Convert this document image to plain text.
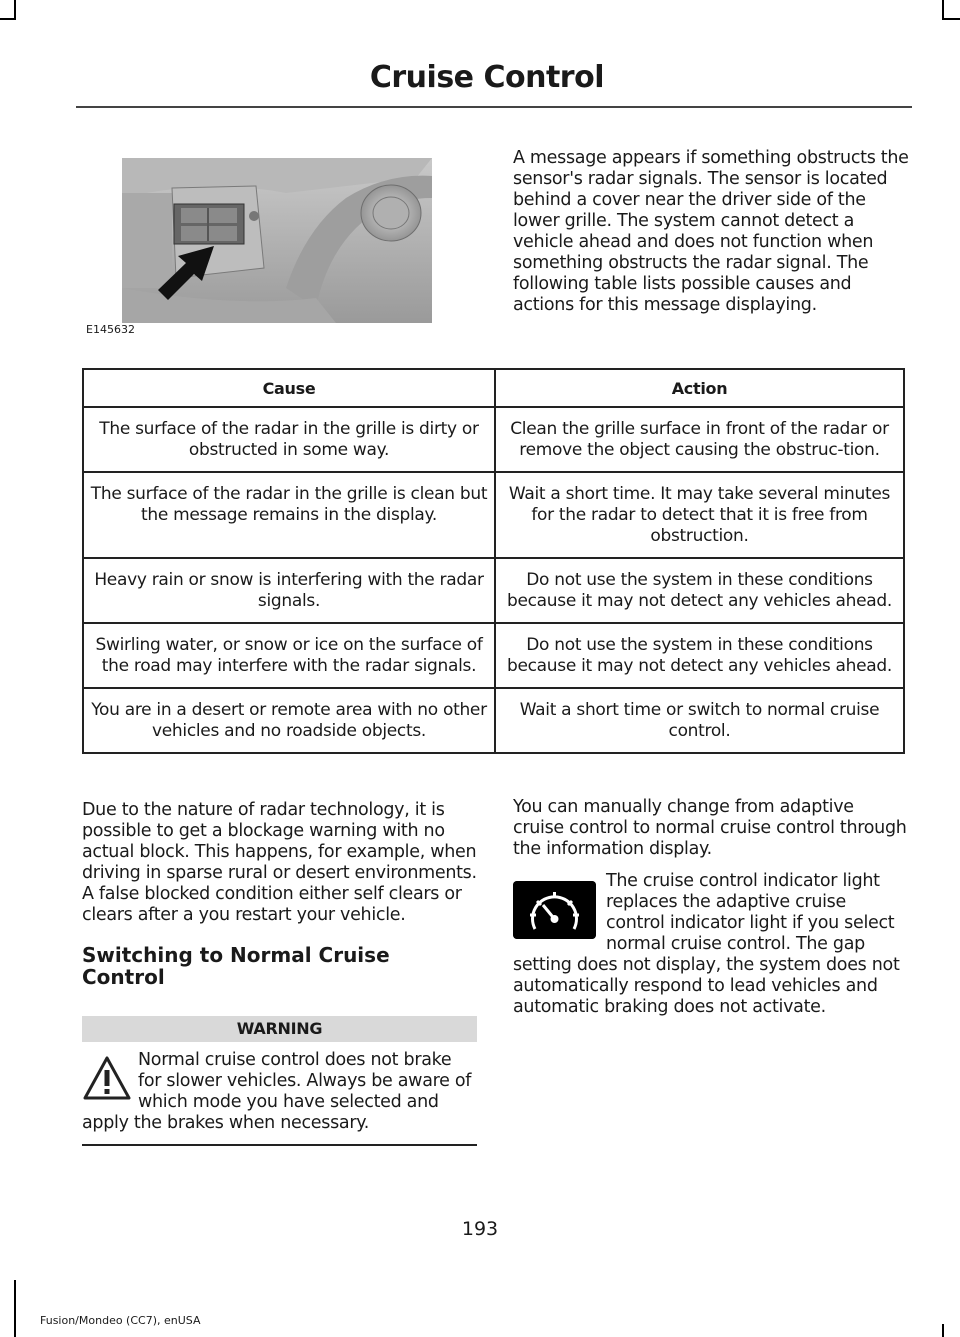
Cruise Control
E145632
A message appears if something obstructs the sensor's radar signals. The sensor is located behind a cover near the driver side of the lower grille. The system cannot detect a vehicle ahead and does not function when something obstructs the radar signal. The following table lists possible causes and actions for this message displaying.
Cause	Action
The surface of the radar in the grille is dirty or obstructed in some way.	Clean the grille surface in front of the radar or remove the object causing the obstruc-tion.
The surface of the radar in the grille is clean but the message remains in the display.	Wait a short time. It may take several minutes for the radar to detect that it is free from obstruction.
Heavy rain or snow is interfering with the radar signals.	Do not use the system in these conditions because it may not detect any vehicles ahead.
Swirling water, or snow or ice on the surface of the road may interfere with the radar signals.	Do not use the system in these conditions because it may not detect any vehicles ahead.
You are in a desert or remote area with no other vehicles and no roadside objects.	Wait a short time or switch to normal cruise control.

Due to the nature of radar technology, it is possible to get a blockage warning with no actual block. This happens, for example, when driving in sparse rural or desert environments. A false blocked condition either self clears or clears after a you restart your vehicle.

Switching to Normal Cruise Control

WARNING
Normal cruise control does not brake for slower vehicles. Always be aware of which mode you have selected and apply the brakes when necessary.

You can manually change from adaptive cruise control to normal cruise control through the information display.

The cruise control indicator light replaces the adaptive cruise control indicator light if you select normal cruise control. The gap setting does not display, the system does not automatically respond to lead vehicles and automatic braking does not activate.

193
Fusion/Mondeo (CC7), enUSA
